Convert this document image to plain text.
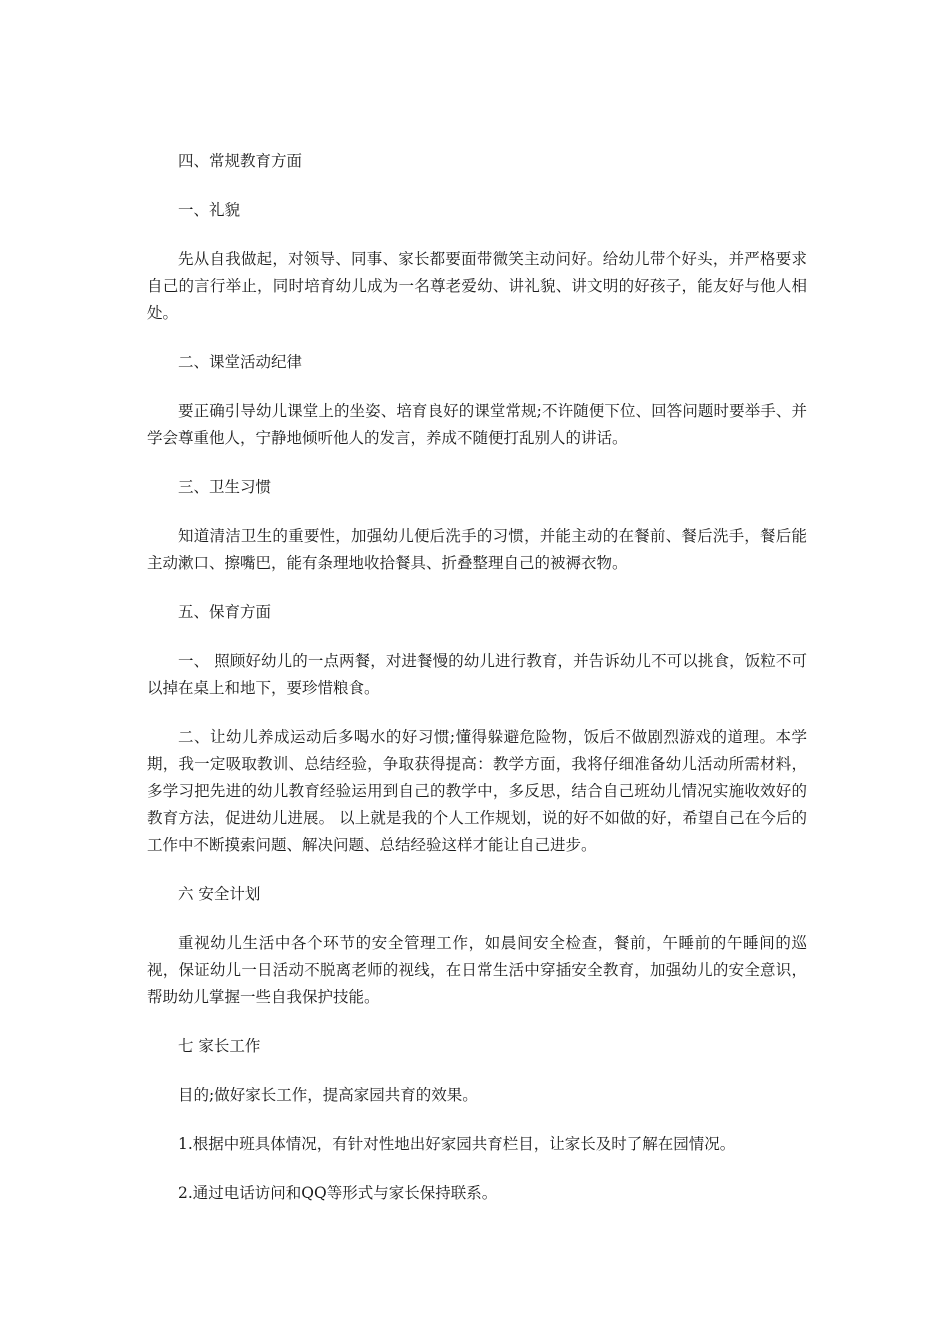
四、常规教育方面

一、礼貌

先从自我做起，对领导、同事、家长都要面带微笑主动问好。给幼儿带个好头，并严格要求自己的言行举止，同时培育幼儿成为一名尊老爱幼、讲礼貌、讲文明的好孩子，能友好与他人相处。

二、课堂活动纪律

要正确引导幼儿课堂上的坐姿、培育良好的课堂常规;不许随便下位、回答问题时要举手、并学会尊重他人，宁静地倾听他人的发言，养成不随便打乱别人的讲话。

三、卫生习惯

知道清洁卫生的重要性，加强幼儿便后洗手的习惯，并能主动的在餐前、餐后洗手，餐后能主动漱口、擦嘴巴，能有条理地收拾餐具、折叠整理自己的被褥衣物。

五、保育方面

一、 照顾好幼儿的一点两餐，对进餐慢的幼儿进行教育，并告诉幼儿不可以挑食，饭粒不可以掉在桌上和地下，要珍惜粮食。

二、让幼儿养成运动后多喝水的好习惯;懂得躲避危险物，饭后不做剧烈游戏的道理。本学期，我一定吸取教训、总结经验，争取获得提高：教学方面，我将仔细准备幼儿活动所需材料，多学习把先进的幼儿教育经验运用到自己的教学中，多反思，结合自己班幼儿情况实施收效好的教育方法，促进幼儿进展。 以上就是我的个人工作规划，说的好不如做的好，希望自己在今后的工作中不断摸索问题、解决问题、总结经验这样才能让自己进步。

六 安全计划

重视幼儿生活中各个环节的安全管理工作，如晨间安全检查，餐前，午睡前的午睡间的巡视，保证幼儿一日活动不脱离老师的视线，在日常生活中穿插安全教育，加强幼儿的安全意识，帮助幼儿掌握一些自我保护技能。

七 家长工作

目的;做好家长工作，提高家园共育的效果。

1.根据中班具体情况，有针对性地出好家园共育栏目，让家长及时了解在园情况。

2.通过电话访问和QQ等形式与家长保持联系。
